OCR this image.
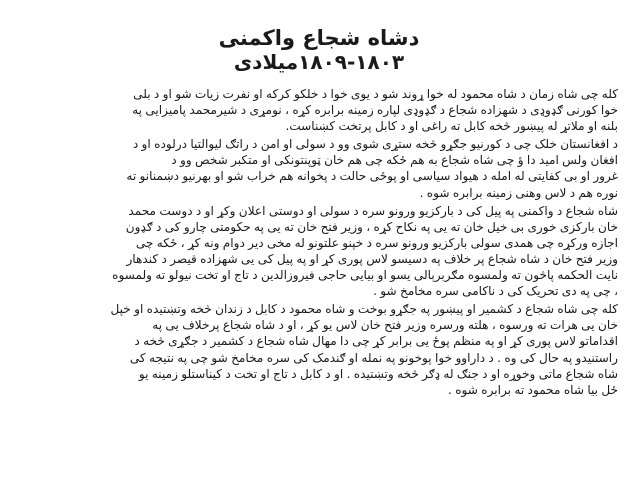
دشاه شجاع واکمنی
۱۸۰۹-۱۸۰۳ميلادی
کله چی شاه زمان د شاه محمود له خوا ړوند شو د یوی خوا د خلکو کرکه او نفرت زیات شو او د بلی
خوا کورنی ګډوډی د شهزاده شجاع د ګډوډی لپاره زمینه برابره کړه ، نومړی د شیرمحمد پامیزایی په
بلنه او ملاتړ له پیښور څخه کابل ته راغی او د کابل پرتخت کښناست.
د افغانستان خلک چی د کورنیو جګړو څخه ستړی شوی وو د سولی او امن د راتګ لیوالتیا درلوده او د
افغان ولس امید دا ؤ چی شاه شجاع به هم ځکه چی هم خان ټوپنتونکی او متکبر شخص وو د
غرور او بی کفایتی له امله د هیواد سیاسی او پوځی حالت د پخوانه هم خراب شو او بهرنیو دښمنانو ته
نوره هم د لاس وهنی زمینه برابره شوه .
شاه شجاع د واکمنی په پیل کی د بارکزیو ورونو سره د سولی او دوستی اعلان وکړ او د دوست محمد
خان بارکزی خوری بی خیل خان ته یی په نکاح کړه ، وزیر فتح خان ته یی په حکومتی چارو کی د ګډون
اجازه ورکړه چی همدی سولی بارکزیو ورونو سره د خپنو علتونو له مخی دیر دوام ونه کړ ، ځکه چی
وزیر فتح خان د شاه شجاع پر خلاف په دسیسو لاس پوری کړ او په پیل کی یی شهزاده قیصر د کندهار
نایت الحکمه پاڅون ته ولمسوه مګربرېالی یسو او بیایی حاجی فیروزالدین د تاج او تخت نیولو ته ولمسوه
، چی په دی تحریک کی د ناکامی سره مخامخ شو .
کله چی شاه شجاع د کشمیر او پیښور په جګړو بوخت و شاه محمود د کابل د زندان څخه وتښتیده او خپل
خان یی هرات ته ورسوه ، هلته ورسره وزیر فتح خان لاس یو کړ ، او د شاه شجاع پرخلاف یی په
اقداماتو لاس پوری کړ او په منظم پوځ یی برابر کړ چی دا مهال شاه شجاع د کشمیر د جګړی څخه د
راستنیدو په حال کی وه . د داراوو خوا پوخونو په نمله او ګندمک کی سره مخامخ شو چی په نتیجه کی
شاه شجاع ماتی وخوړه او د جنګ له ډګر څخه وتښتیده . او د کابل د تاج او تخت د کیناستلو زمینه یو
ځل بیا شاه محمود ته برابره شوه .
